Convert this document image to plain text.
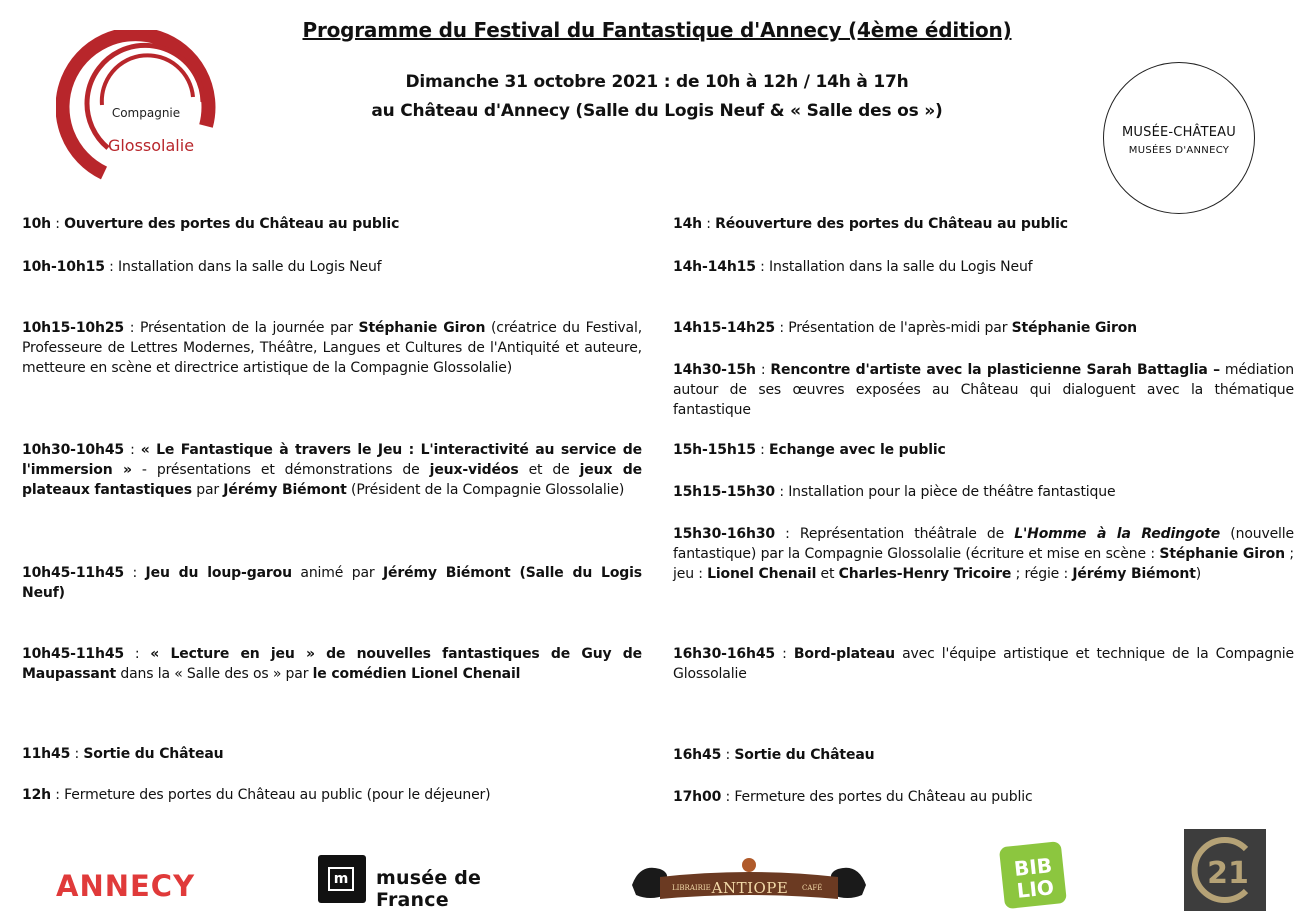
Programme du Festival du Fantastique d'Annecy (4ème édition)
Dimanche 31 octobre 2021 : de 10h à 12h / 14h à 17h
au Château d'Annecy (Salle du Logis Neuf & « Salle des os »)
Compagnie
Glossolalie
MUSÉE-CHÂTEAU
MUSÉES D'ANNECY
10h : Ouverture des portes du Château au public
10h-10h15 : Installation dans la salle du Logis Neuf
10h15-10h25 : Présentation de la journée par Stéphanie Giron (créatrice du Festival, Professeure de Lettres Modernes, Théâtre, Langues et Cultures de l'Antiquité et auteure, metteure en scène et directrice artistique de la Compagnie Glossolalie)
10h30-10h45 : « Le Fantastique à travers le Jeu : L'interactivité au service de l'immersion » - présentations et démonstrations de jeux-vidéos et de jeux de plateaux fantastiques par Jérémy Biémont (Président de la Compagnie Glossolalie)
10h45-11h45 : Jeu du loup-garou animé par Jérémy Biémont (Salle du Logis Neuf)
10h45-11h45 : « Lecture en jeu » de nouvelles fantastiques de Guy de Maupassant dans la « Salle des os » par le comédien Lionel Chenail
11h45 : Sortie du Château
12h : Fermeture des portes du Château au public (pour le déjeuner)
14h : Réouverture des portes du Château au public
14h-14h15 : Installation dans la salle du Logis Neuf
14h15-14h25 : Présentation de l'après-midi par Stéphanie Giron
14h30-15h : Rencontre d'artiste avec la plasticienne Sarah Battaglia – médiation autour de ses œuvres exposées au Château qui dialoguent avec la thématique fantastique
15h-15h15 : Echange avec le public
15h15-15h30 : Installation pour la pièce de théâtre fantastique
15h30-16h30 : Représentation théâtrale de L'Homme à la Redingote (nouvelle fantastique) par la Compagnie Glossolalie (écriture et mise en scène : Stéphanie Giron ; jeu : Lionel Chenail et Charles-Henry Tricoire ; régie : Jérémy Biémont)
16h30-16h45 : Bord-plateau avec l'équipe artistique et technique de la Compagnie Glossolalie
16h45 : Sortie du Château
17h00 : Fermeture des portes du Château au public
ANNECY	m	musée de France
LIBRAIRIE ANTIOPE	CAFÉ
BIB
LIO	21
